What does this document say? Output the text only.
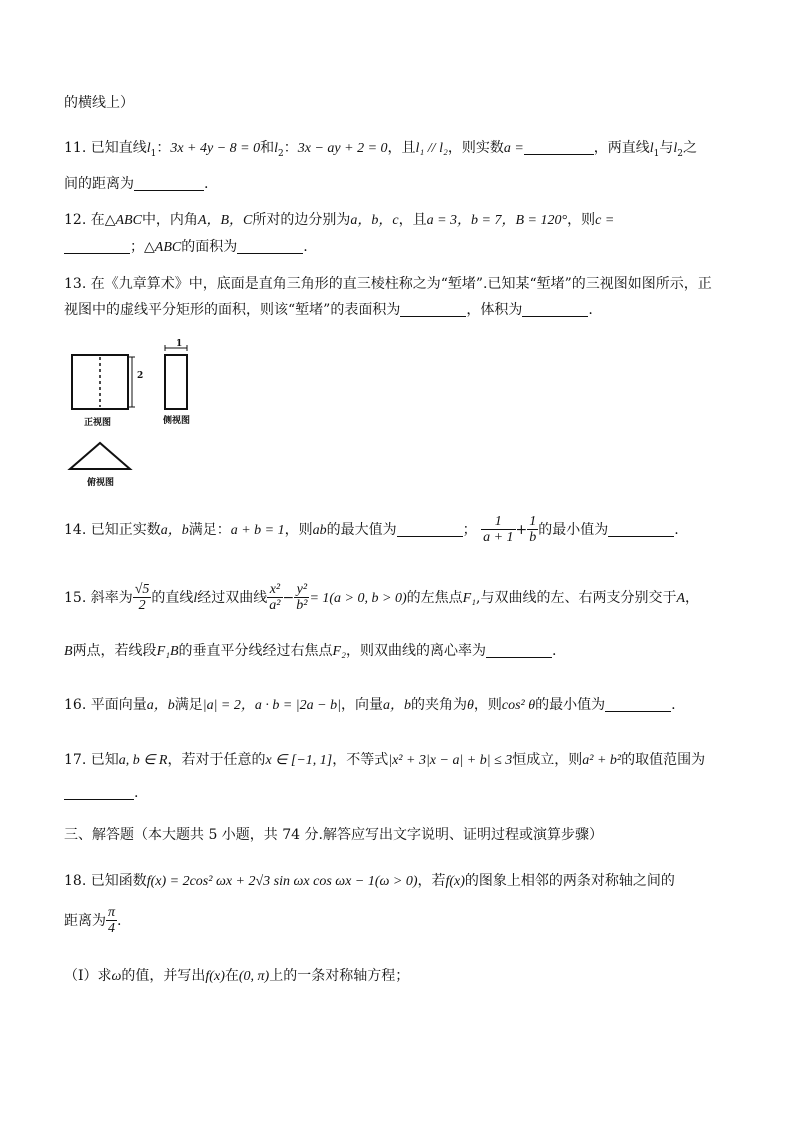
的横线上）
11. 已知直线$l_1$：3x + 4y − 8 = 0和$l_2$：3x − ay + 2 = 0，且l₁ // l₂，则实数a =	，两直线$l_1$与$l_2$之
间的距离为	.
12. 在△ABC中，内角A，B，C所对的边分别为a，b，c，且a = 3，b = 7，B = 120°，则c =
；△ABC的面积为	.
13. 在《九章算术》中，底面是直角三角形的直三棱柱称之为“堑堵”.已知某“堑堵”的三视图如图所示，正
视图中的虚线平分矩形的面积，则该“堑堵”的表面积为	，体积为	.
2
1
正视图	侧视图
俯视图
14. 已知正实数a，b满足：a + b = 1，则ab的最大值为	； $\frac{1}{a + 1} + \frac{1}{b}$ 的最小值为	.
15. 斜率为 $\frac{√5}{2}$ 的直线l经过双曲线 $\frac{\text{x²}}{\text{a²}} - \frac{\text{y²}}{\text{b²}} = 1(a > 0$, b > 0)的左焦点F₁,与双曲线的左、右两支分别交于A，
B两点，若线段F₁B的垂直平分线经过右焦点F₂，则双曲线的离心率为	.
16. 平面向量a，b满足|a| = 2，a · b = |2a − b|，向量a，b的夹角为θ，则cos² θ的最小值为	.
17. 已知a, b ∈ R，若对于任意的x ∈ [−1, 1]，不等式|x² + 3|x − a| + b| ≤ 3恒成立，则a² + b²的取值范围为
.
三、解答题（本大题共 5 小题，共 74 分.解答应写出文字说明、证明过程或演算步骤）
18. 已知函数f(x) = 2cos² ωx + 2√3 sin ωx cos ωx − 1(ω > 0)，若f(x)的图象上相邻的两条对称轴之间的
距离为 $\frac{\pi}{4}$ .
（Ⅰ）求ω的值，并写出f(x)在(0, π)上的一条对称轴方程；
